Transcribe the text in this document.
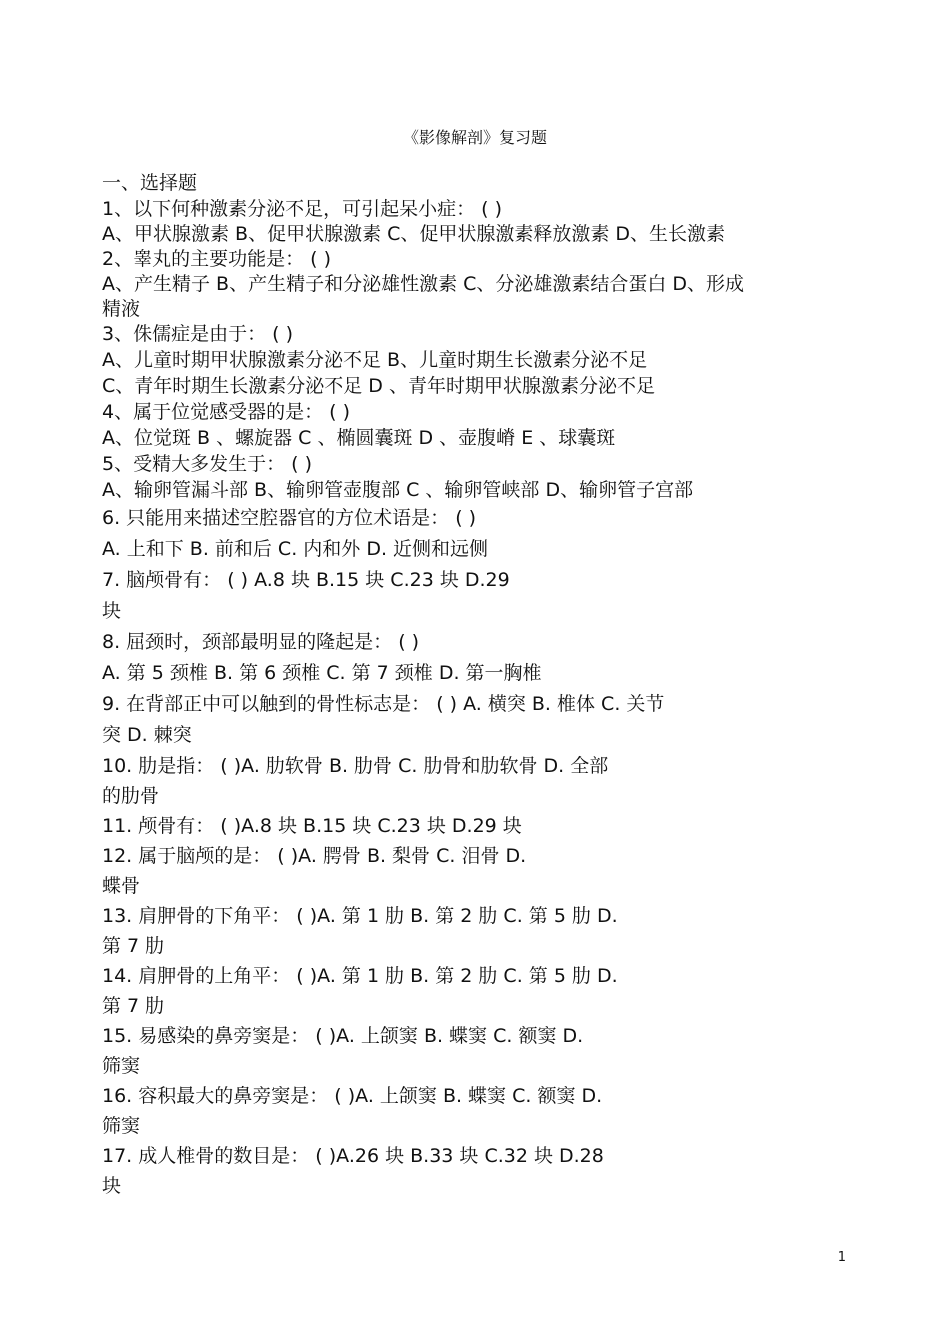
《影像解剖》复习题
一、选择题
1、以下何种激素分泌不足，可引起呆小症： ( )
A、甲状腺激素 B、促甲状腺激素 C、促甲状腺激素释放激素 D、生长激素
2、睾丸的主要功能是： ( )
A、产生精子 B、产生精子和分泌雄性激素 C、分泌雄激素结合蛋白 D、形成
精液
3、侏儒症是由于： ( )
A、儿童时期甲状腺激素分泌不足 B、儿童时期生长激素分泌不足
C、青年时期生长激素分泌不足 D 、青年时期甲状腺激素分泌不足
4、属于位觉感受器的是： ( )
A、位觉斑 B 、螺旋器 C 、椭圆囊斑 D 、壶腹嵴 E 、球囊斑
5、受精大多发生于： ( )
A、输卵管漏斗部 B、输卵管壶腹部 C 、输卵管峡部 D、输卵管子宫部
6. 只能用来描述空腔器官的方位术语是： ( )
A. 上和下 B. 前和后 C. 内和外 D. 近侧和远侧
7. 脑颅骨有： ( ) A.8 块 B.15 块 C.23 块 D.29
块
8. 屈颈时，颈部最明显的隆起是： ( )
A. 第 5 颈椎 B. 第 6 颈椎 C. 第 7 颈椎 D. 第一胸椎
9. 在背部正中可以触到的骨性标志是： ( ) A. 横突 B. 椎体 C. 关节
突 D. 棘突
10. 肋是指： ( )A. 肋软骨 B. 肋骨 C. 肋骨和肋软骨 D. 全部
的肋骨
11. 颅骨有： ( )A.8 块 B.15 块 C.23 块 D.29 块
12. 属于脑颅的是： ( )A. 腭骨 B. 梨骨 C. 泪骨 D.
蝶骨
13. 肩胛骨的下角平： ( )A. 第 1 肋 B. 第 2 肋 C. 第 5 肋 D.
第 7 肋
14. 肩胛骨的上角平： ( )A. 第 1 肋 B. 第 2 肋 C. 第 5 肋 D.
第 7 肋
15. 易感染的鼻旁窦是： ( )A. 上颌窦 B. 蝶窦 C. 额窦 D.
筛窦
16. 容积最大的鼻旁窦是： ( )A. 上颌窦 B. 蝶窦 C. 额窦 D.
筛窦
17. 成人椎骨的数目是： ( )A.26 块 B.33 块 C.32 块 D.28
块
1
